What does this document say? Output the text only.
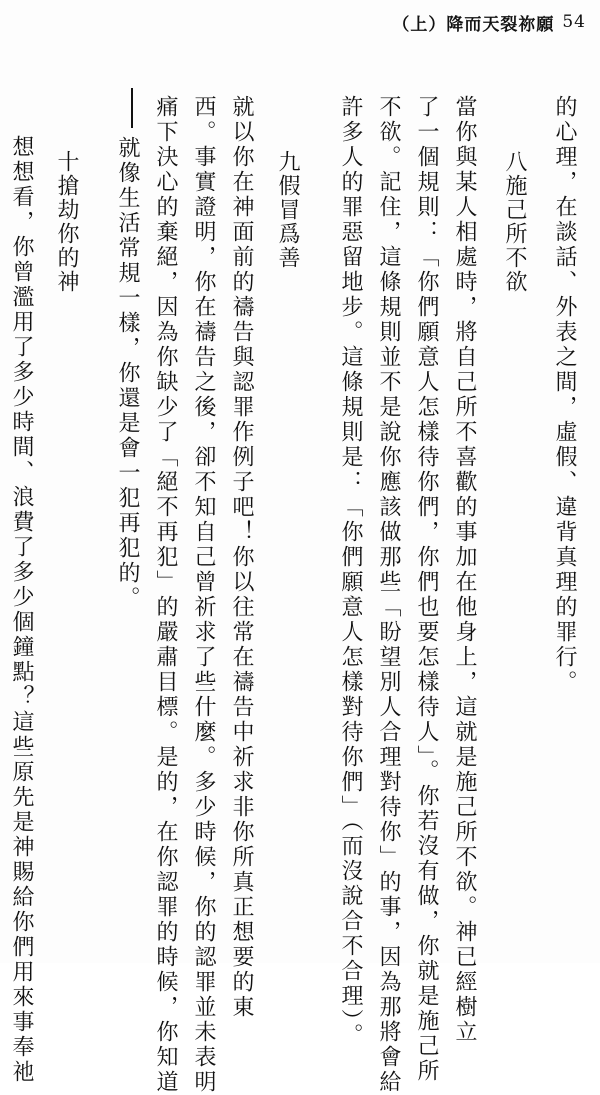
（上）降而天裂祢願 54
的心理，在談話、外表之間，虛假、違背真理的罪行。
八施己所不欲
當你與某人相處時，將自己所不喜歡的事加在他身上，這就是施己所不欲。神已經樹立
了一個規則：「你們願意人怎樣待你們，你們也要怎樣待人」。你若沒有做，你就是施己所
不欲。記住，這條規則並不是說你應該做那些「盼望別人合理對待你」的事，因為那將會給
許多人的罪惡留地步。這條規則是：「你們願意人怎樣對待你們」（而沒說合不合理）。
九假冒爲善
就以你在神面前的禱告與認罪作例子吧！你以往常在禱告中祈求非你所真正想要的東
西。事實證明，你在禱告之後，卻不知自己曾祈求了些什麼。多少時候，你的認罪並未表明
痛下決心的棄絕，因為你缺少了「絕不再犯」的嚴肅目標。是的，在你認罪的時候，你知道
就像生活常規一樣，你還是會一犯再犯的。
十搶劫你的神
想想看，你曾濫用了多少時間、浪費了多少個鐘點？這些原先是神賜給你們用來事奉祂
